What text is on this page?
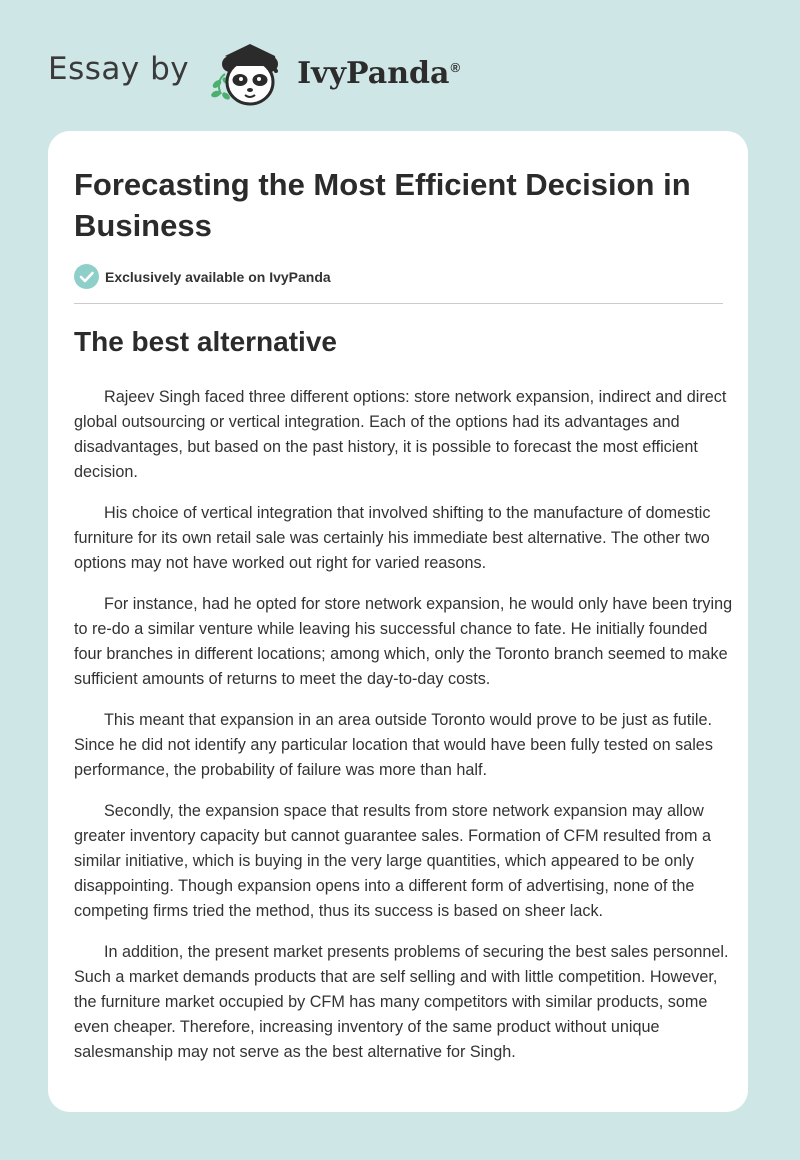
Essay by	IvyPanda®
Forecasting the Most Efficient Decision in Business
Exclusively available on IvyPanda
The best alternative

Rajeev Singh faced three different options: store network expansion, indirect and direct global outsourcing or vertical integration. Each of the options had its advantages and disadvantages, but based on the past history, it is possible to forecast the most efficient decision.

His choice of vertical integration that involved shifting to the manufacture of domestic furniture for its own retail sale was certainly his immediate best alternative. The other two options may not have worked out right for varied reasons.

For instance, had he opted for store network expansion, he would only have been trying to re-do a similar venture while leaving his successful chance to fate. He initially founded four branches in different locations; among which, only the Toronto branch seemed to make sufficient amounts of returns to meet the day-to-day costs.

This meant that expansion in an area outside Toronto would prove to be just as futile. Since he did not identify any particular location that would have been fully tested on sales performance, the probability of failure was more than half.

Secondly, the expansion space that results from store network expansion may allow greater inventory capacity but cannot guarantee sales. Formation of CFM resulted from a similar initiative, which is buying in the very large quantities, which appeared to be only disappointing. Though expansion opens into a different form of advertising, none of the competing firms tried the method, thus its success is based on sheer lack.

In addition, the present market presents problems of securing the best sales personnel. Such a market demands products that are self selling and with little competition. However, the furniture market occupied by CFM has many competitors with similar products, some even cheaper. Therefore, increasing inventory of the same product without unique salesmanship may not serve as the best alternative for Singh.
